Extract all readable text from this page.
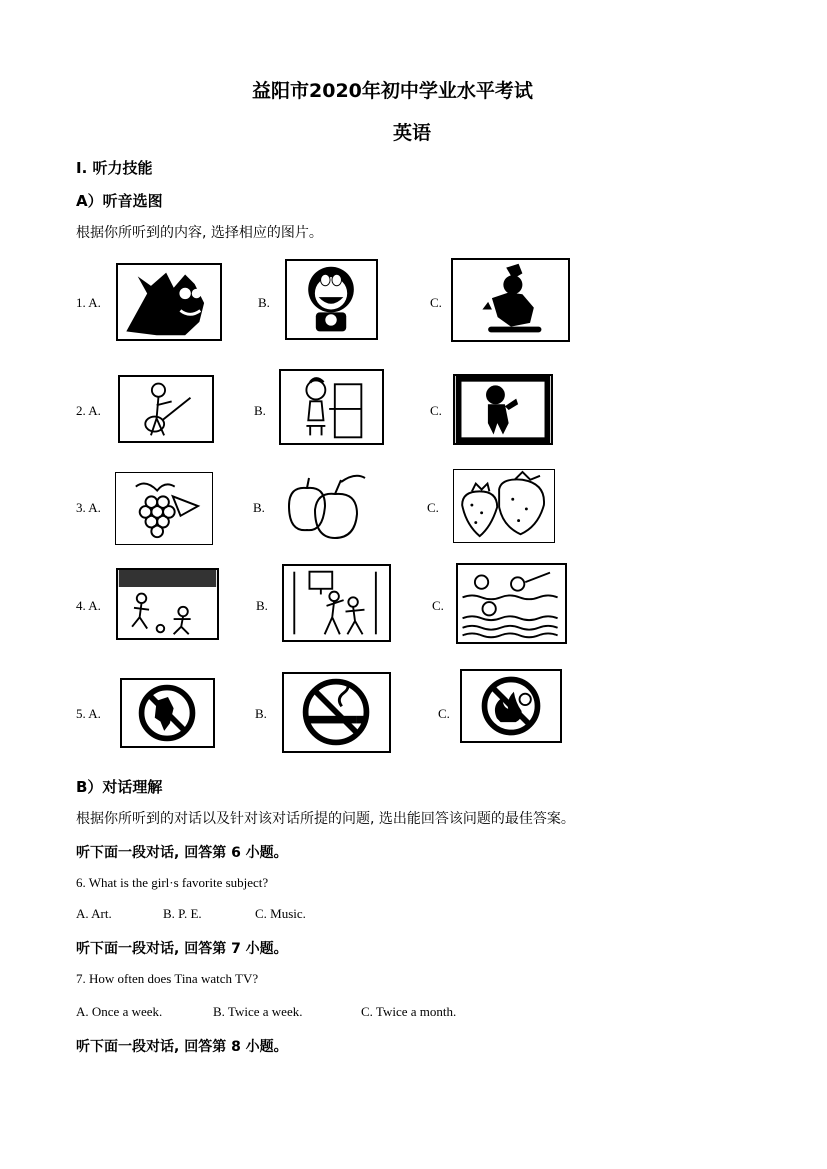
益阳市2020年初中学业水平考试
英语
Ⅰ. 听力技能
A）听音选图
根据你所听到的内容, 选择相应的图片。
1. A.	B.	C.
2. A.	B.	C.
3. A.	B.	C.
4. A.	B.	C.
5. A.	B.	C.
B）对话理解
根据你所听到的对话以及针对该对话所提的问题, 选出能回答该问题的最佳答案。
听下面一段对话, 回答第 6 小题。
6. What is the girl·s favorite subject?
A. Art.	B. P. E.	C. Music.
听下面一段对话, 回答第 7 小题。
7. How often does Tina watch TV?
A. Once a week.	B. Twice a week.	C. Twice a month.
听下面一段对话, 回答第 8 小题。
